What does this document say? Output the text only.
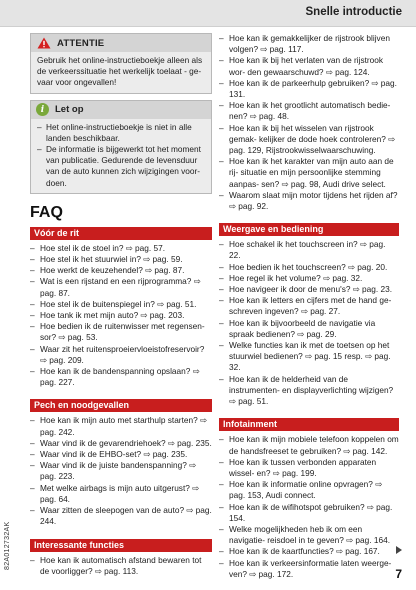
Snelle introductie
ATTENTIE
Gebruik het online-instructieboekje alleen als de verkeerssituatie het werkelijk toelaat - ge- vaar voor ongevallen!
i	Let op
– Het online-instructieboekje is niet in alle landen beschikbaar.
– De informatie is bijgewerkt tot het moment van publicatie. Gedurende de levensduur van de auto kunnen zich wijzigingen voor- doen.
FAQ
Vóór de rit
– Hoe stel ik de stoel in? ⇨ pag. 57.
– Hoe stel ik het stuurwiel in? ⇨ pag. 59.
– Hoe werkt de keuzehendel? ⇨ pag. 87.
– Wat is een rijstand en een rijprogramma? ⇨ pag. 87.
– Hoe stel ik de buitenspiegel in? ⇨ pag. 51.
– Hoe tank ik met mijn auto? ⇨ pag. 203.
– Hoe bedien ik de ruitenwisser met regensen- sor? ⇨ pag. 53.
– Waar zit het ruitensproeiervloeistofreservoir? ⇨ pag. 209.
– Hoe kan ik de bandenspanning opslaan? ⇨ pag. 227.
Pech en noodgevallen
– Hoe kan ik mijn auto met starthulp starten? ⇨ pag. 242.
– Waar vind ik de gevarendriehoek? ⇨ pag. 235.
– Waar vind ik de EHBO-set? ⇨ pag. 235.
– Waar vind ik de juiste bandenspanning? ⇨ pag. 223.
– Met welke airbags is mijn auto uitgerust? ⇨ pag. 64.
– Waar zitten de sleepogen van de auto? ⇨ pag. 244.
Interessante functies
– Hoe kan ik automatisch afstand bewaren tot de voorligger? ⇨ pag. 113.
– Hoe kan ik gemakkelijker de rijstrook blijven volgen? ⇨ pag. 117.
– Hoe kan ik bij het verlaten van de rijstrook wor- den gewaarschuwd? ⇨ pag. 124.
– Hoe kan ik de parkeerhulp gebruiken? ⇨ pag. 131.
– Hoe kan ik het grootlicht automatisch bedie- nen? ⇨ pag. 48.
– Hoe kan ik bij het wisselen van rijstrook gemak- kelijker de dode hoek controleren? ⇨ pag. 129, Rijstrookwisselwaarschuwing.
– Hoe kan ik het karakter van mijn auto aan de rij- situatie en mijn persoonlijke stemming aanpas- sen? ⇨ pag. 98, Audi drive select.
– Waarom slaat mijn motor tijdens het rijden af? ⇨ pag. 92.
Weergave en bediening
– Hoe schakel ik het touchscreen in? ⇨ pag. 22.
– Hoe bedien ik het touchscreen? ⇨ pag. 20.
– Hoe regel ik het volume? ⇨ pag. 32.
– Hoe navigeer ik door de menu's? ⇨ pag. 23.
– Hoe kan ik letters en cijfers met de hand ge- schreven ingeven? ⇨ pag. 27.
– Hoe kan ik bijvoorbeeld de navigatie via spraak bedienen? ⇨ pag. 29.
– Welke functies kan ik met de toetsen op het stuurwiel bedienen? ⇨ pag. 15 resp. ⇨ pag. 32.
– Hoe kan ik de helderheid van de instrumenten- en displayverlichting wijzigen? ⇨ pag. 51.
Infotainment
– Hoe kan ik mijn mobiele telefoon koppelen om de handsfreeset te gebruiken? ⇨ pag. 142.
– Hoe kan ik tussen verbonden apparaten wissel- en? ⇨ pag. 199.
– Hoe kan ik informatie online opvragen? ⇨ pag. 153, Audi connect.
– Hoe kan ik de wifihotspot gebruiken? ⇨ pag. 154.
– Welke mogelijkheden heb ik om een navigatie- reisdoel in te geven? ⇨ pag. 164.
– Hoe kan ik de kaartfuncties? ⇨ pag. 167.
– Hoe kan ik verkeersinformatie laten weerge- ven? ⇨ pag. 172.
82A012732AK
7
